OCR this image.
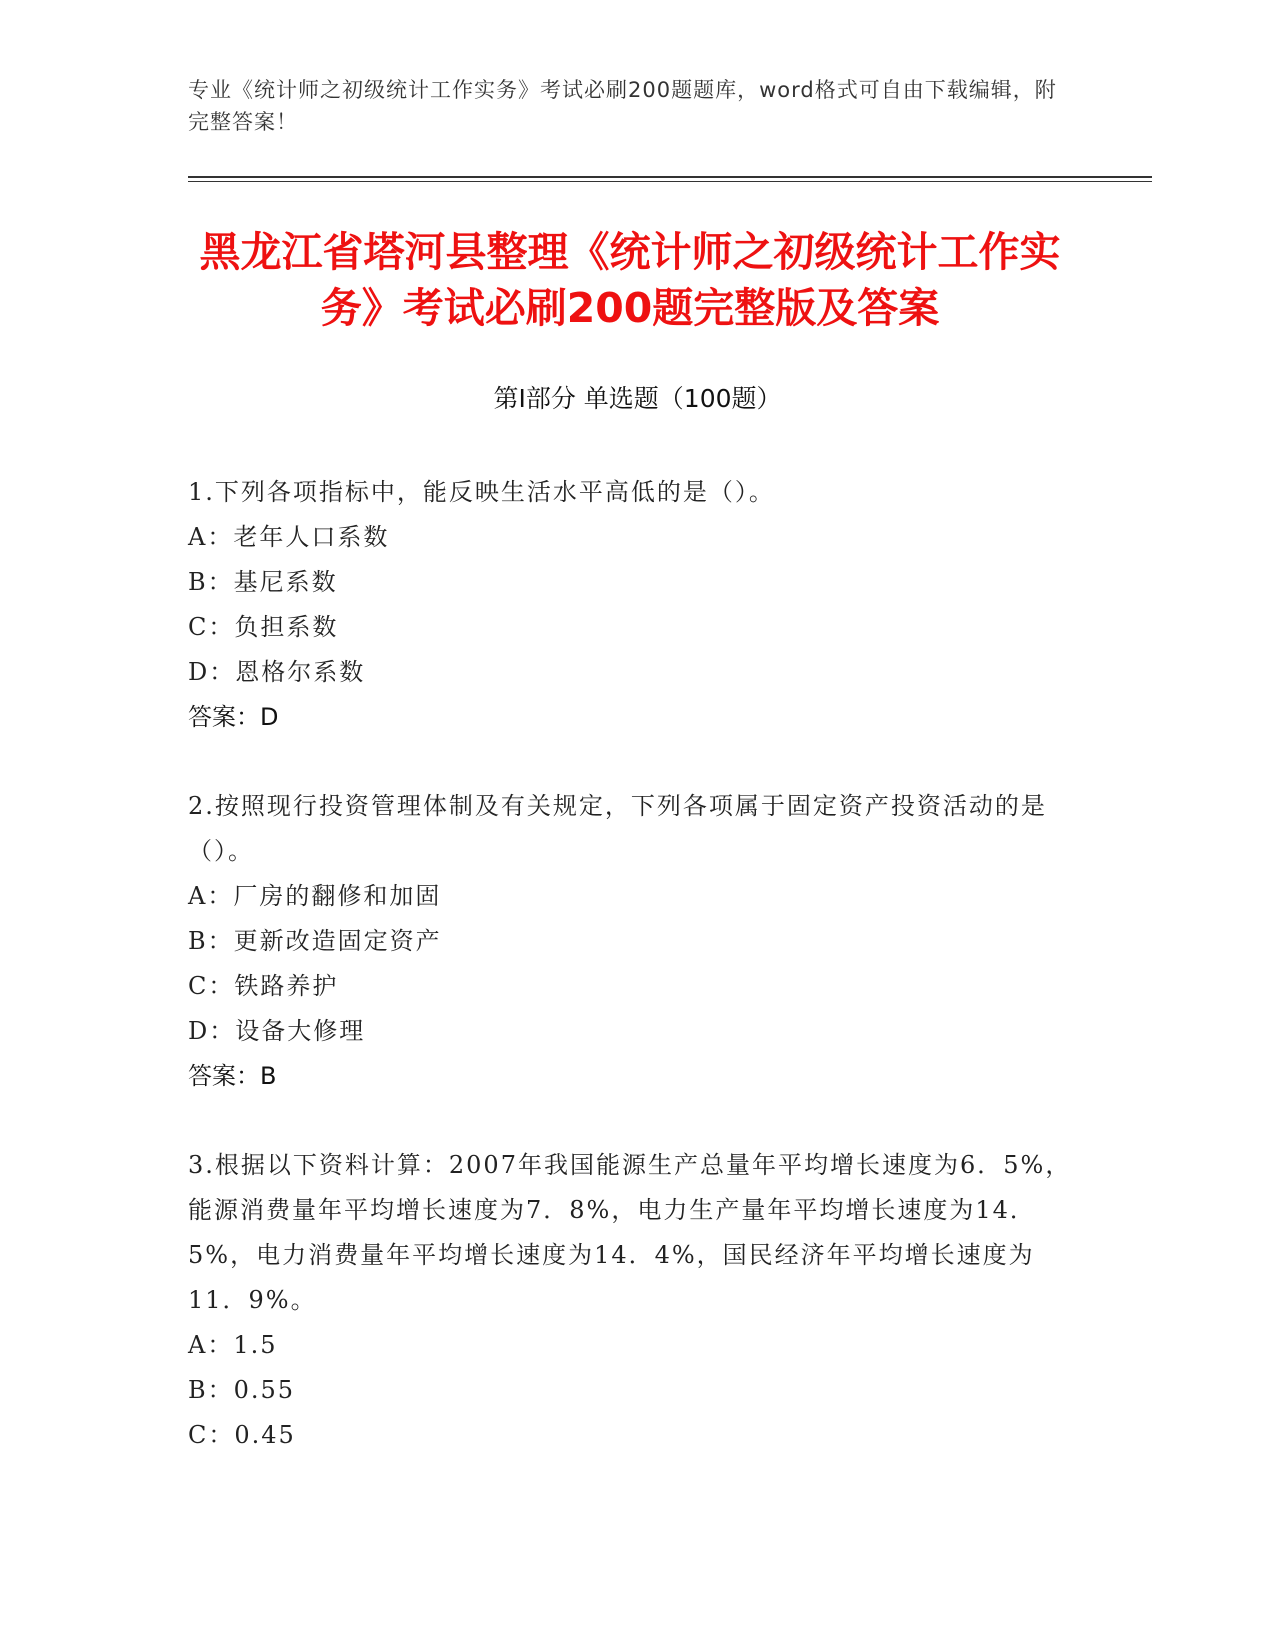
专业《统计师之初级统计工作实务》考试必刷200题题库，word格式可自由下载编辑，附完整答案！
黑龙江省塔河县整理《统计师之初级统计工作实务》考试必刷200题完整版及答案
第I部分 单选题（100题）
1.下列各项指标中，能反映生活水平高低的是（）。
A：老年人口系数
B：基尼系数
C：负担系数
D：恩格尔系数
答案：D
2.按照现行投资管理体制及有关规定，下列各项属于固定资产投资活动的是（）。
A：厂房的翻修和加固
B：更新改造固定资产
C：铁路养护
D：设备大修理
答案：B
3.根据以下资料计算：2007年我国能源生产总量年平均增长速度为6．5%，能源消费量年平均增长速度为7．8%，电力生产量年平均增长速度为14．5%，电力消费量年平均增长速度为14．4%，国民经济年平均增长速度为11．9%。
A：1.5
B：0.55
C：0.45
